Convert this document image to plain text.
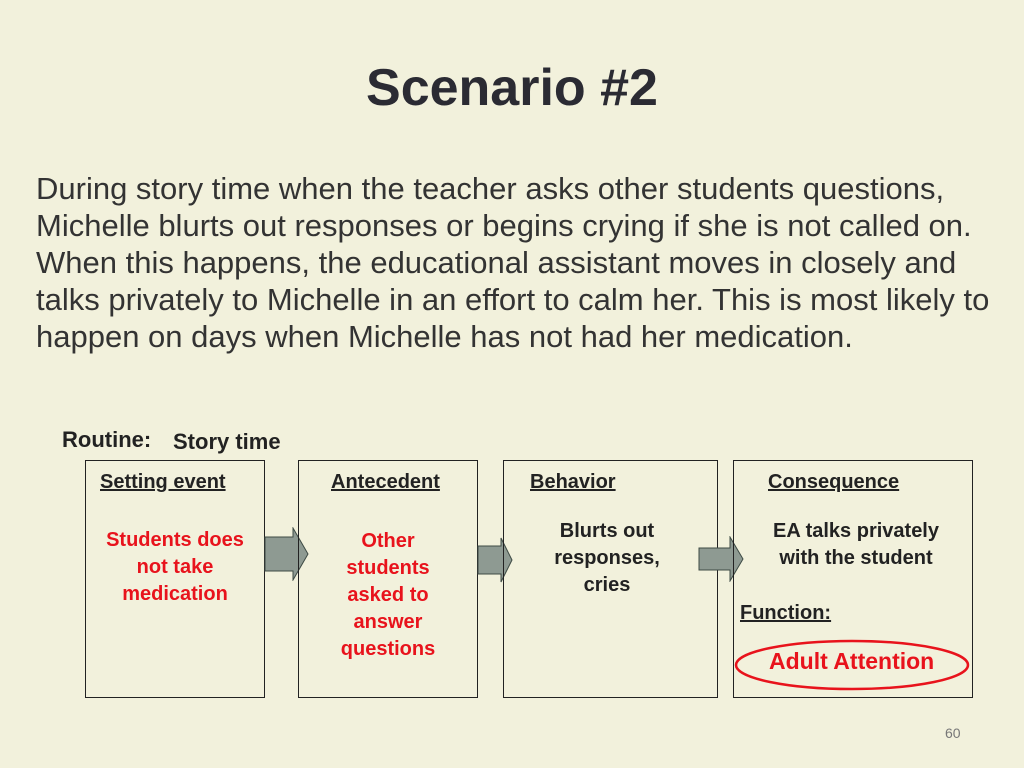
Scenario #2
During story time when the teacher asks other students questions, Michelle blurts out responses or begins crying if she is not called on. When this happens, the educational assistant moves in closely and talks privately to Michelle in an effort to calm her. This is most likely to happen on days when Michelle has not had her medication.
Routine: Story time
Setting event
Students does
not take
medication
Antecedent
Other
students
asked to
answer
questions
Behavior
Blurts out
responses,
cries
Consequence
EA talks privately
with the student
Function:
Adult Attention
60
